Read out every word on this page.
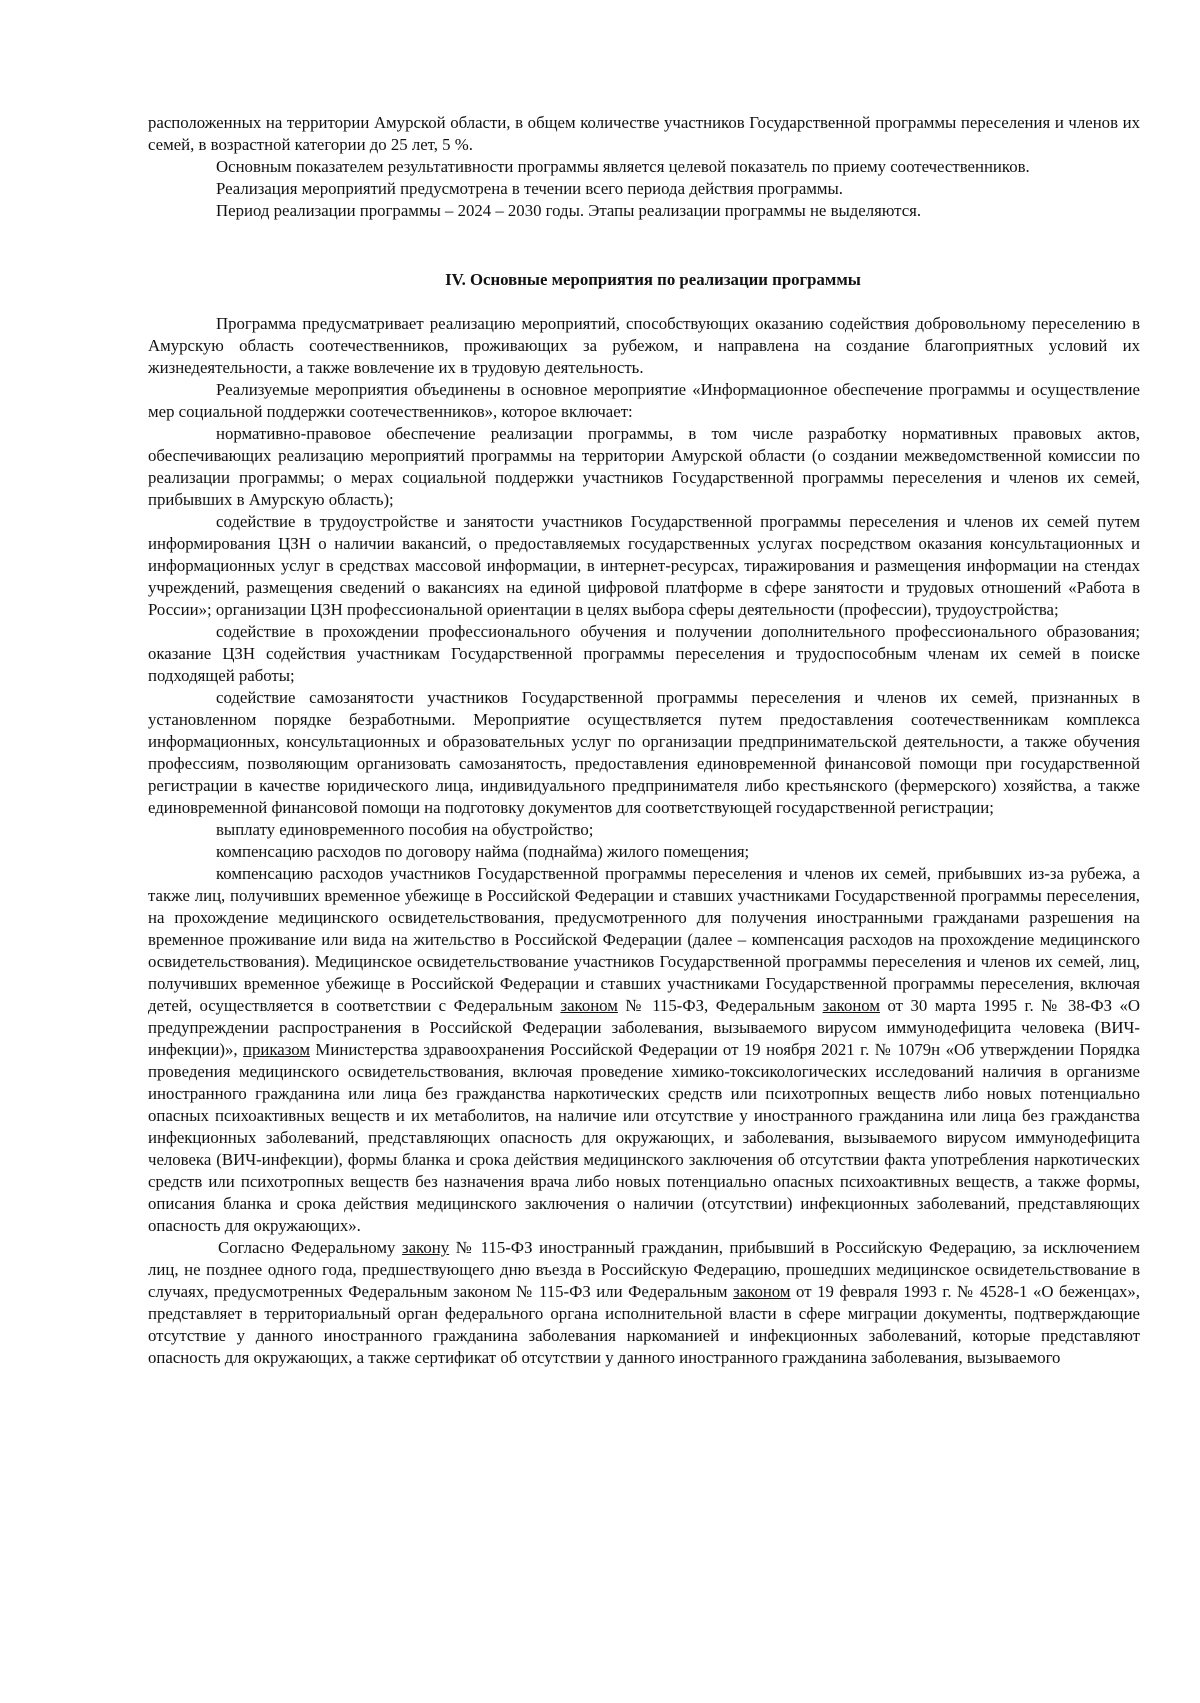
расположенных на территории Амурской области, в общем количестве участников Государственной программы переселения и членов их семей, в возрастной категории до 25 лет, 5 %.

Основным показателем результативности программы является целевой показатель по приему соотечественников.

Реализация мероприятий предусмотрена в течении всего периода действия программы.

Период реализации программы – 2024 – 2030 годы. Этапы реализации программы не выделяются.

IV. Основные мероприятия по реализации программы

Программа предусматривает реализацию мероприятий, способствующих оказанию содействия добровольному переселению в Амурскую область соотечественников, проживающих за рубежом, и направлена на создание благоприятных условий их жизнедеятельности, а также вовлечение их в трудовую деятельность.

Реализуемые мероприятия объединены в основное мероприятие «Информационное обеспечение программы и осуществление мер социальной поддержки соотечественников», которое включает:

нормативно-правовое обеспечение реализации программы, в том числе разработку нормативных правовых актов, обеспечивающих реализацию мероприятий программы на территории Амурской области (о создании межведомственной комиссии по реализации программы; о мерах социальной поддержки участников Государственной программы переселения и членов их семей, прибывших в Амурскую область);

содействие в трудоустройстве и занятости участников Государственной программы переселения и членов их семей путем информирования ЦЗН о наличии вакансий, о предоставляемых государственных услугах посредством оказания консультационных и информационных услуг в средствах массовой информации, в интернет-ресурсах, тиражирования и размещения информации на стендах учреждений, размещения сведений о вакансиях на единой цифровой платформе в сфере занятости и трудовых отношений «Работа в России»; организации ЦЗН профессиональной ориентации в целях выбора сферы деятельности (профессии), трудоустройства;

содействие в прохождении профессионального обучения и получении дополнительного профессионального образования; оказание ЦЗН содействия участникам Государственной программы переселения и трудоспособным членам их семей в поиске подходящей работы;

содействие самозанятости участников Государственной программы переселения и членов их семей, признанных в установленном порядке безработными. Мероприятие осуществляется путем предоставления соотечественникам комплекса информационных, консультационных и образовательных услуг по организации предпринимательской деятельности, а также обучения профессиям, позволяющим организовать самозанятость, предоставления единовременной финансовой помощи при государственной регистрации в качестве юридического лица, индивидуального предпринимателя либо крестьянского (фермерского) хозяйства, а также единовременной финансовой помощи на подготовку документов для соответствующей государственной регистрации;

выплату единовременного пособия на обустройство;

компенсацию расходов по договору найма (поднайма) жилого помещения;

компенсацию расходов участников Государственной программы переселения и членов их семей, прибывших из-за рубежа, а также лиц, получивших временное убежище в Российской Федерации и ставших участниками Государственной программы переселения, на прохождение медицинского освидетельствования, предусмотренного для получения иностранными гражданами разрешения на временное проживание или вида на жительство в Российской Федерации (далее – компенсация расходов на прохождение медицинского освидетельствования). Медицинское освидетельствование участников Государственной программы переселения и членов их семей, лиц, получивших временное убежище в Российской Федерации и ставших участниками Государственной программы переселения, включая детей, осуществляется в соответствии с Федеральным законом № 115-ФЗ, Федеральным законом от 30 марта 1995 г. № 38-ФЗ «О предупреждении распространения в Российской Федерации заболевания, вызываемого вирусом иммунодефицита человека (ВИЧ-инфекции)», приказом Министерства здравоохранения Российской Федерации от 19 ноября 2021 г. № 1079н «Об утверждении Порядка проведения медицинского освидетельствования, включая проведение химико-токсикологических исследований наличия в организме иностранного гражданина или лица без гражданства наркотических средств или психотропных веществ либо новых потенциально опасных психоактивных веществ и их метаболитов, на наличие или отсутствие у иностранного гражданина или лица без гражданства инфекционных заболеваний, представляющих опасность для окружающих, и заболевания, вызываемого вирусом иммунодефицита человека (ВИЧ-инфекции), формы бланка и срока действия медицинского заключения об отсутствии факта употребления наркотических средств или психотропных веществ без назначения врача либо новых потенциально опасных психоактивных веществ, а также формы, описания бланка и срока действия медицинского заключения о наличии (отсутствии) инфекционных заболеваний, представляющих опасность для окружающих».

Согласно Федеральному закону № 115-ФЗ иностранный гражданин, прибывший в Российскую Федерацию, за исключением лиц, не позднее одного года, предшествующего дню въезда в Российскую Федерацию, прошедших медицинское освидетельствование в случаях, предусмотренных Федеральным законом № 115-ФЗ или Федеральным законом от 19 февраля 1993 г. № 4528-1 «О беженцах», представляет в территориальный орган федерального органа исполнительной власти в сфере миграции документы, подтверждающие отсутствие у данного иностранного гражданина заболевания наркоманией и инфекционных заболеваний, которые представляют опасность для окружающих, а также сертификат об отсутствии у данного иностранного гражданина заболевания, вызываемого
